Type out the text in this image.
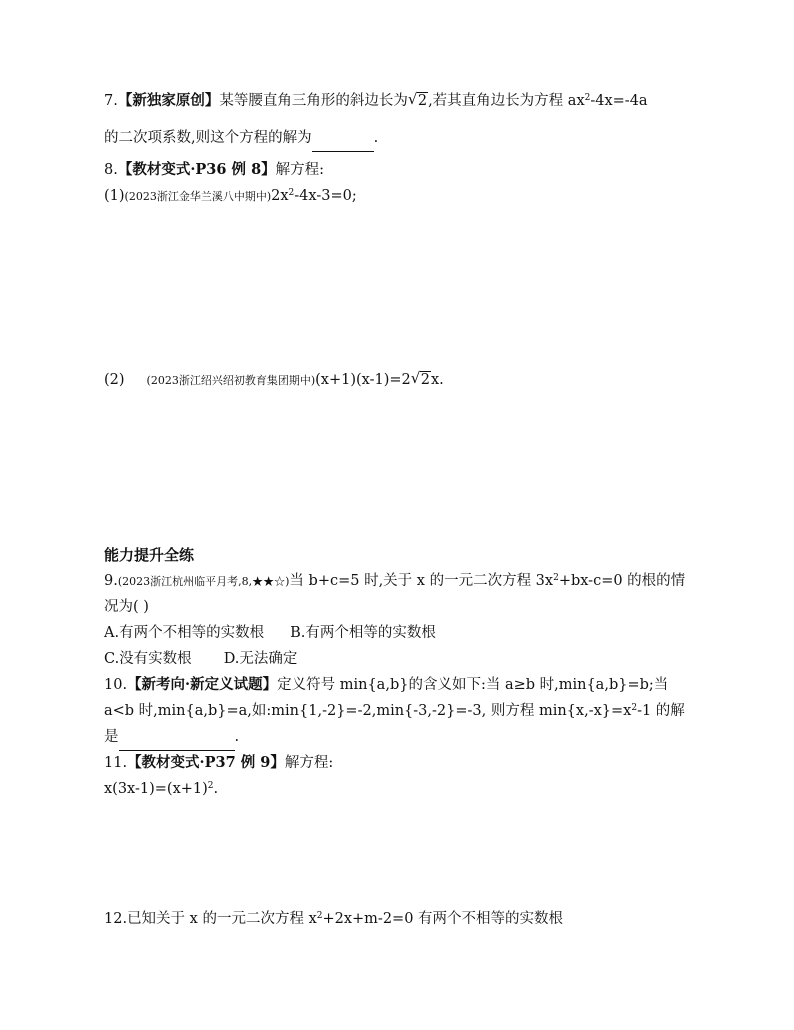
7.【新独家原创】某等腰直角三角形的斜边长为 √ 2,若其直角边长为方程 $ax^2-4x=-4a$
的二次项系数,则这个方程的解为	.
8.【教材变式·P36 例 8】解方程:
(1)(2023浙江金华兰溪八中期中)$2x^2-4x-3=0$;
(2) (2023浙江绍兴绍初教育集团期中)(x+1)(x-1)=2 √ 2x.
能力提升全练
9.(2023浙江杭州临平月考,8,★★☆)当 b+c=5 时,关于 x 的一元二次方程 $3x^2+bx-c=0$ 的根的情
况为( )
A.有两个不相等的实数根 B.有两个相等的实数根
C.没有实数根 D.无法确定
10.【新考向·新定义试题】定义符号 min{a,b}的含义如下:当 a≥b 时,min{a,b}=b;当
a<b 时,min{a,b}=a,如:min{1,-2}=-2,min{-3,-2}=-3, 则方程 $\min\{x,-x\}=x^2-1$ 的解
是	.
11.【教材变式·P37 例 9】解方程:
$x(3x-1)=(x+1)^2$.
12.已知关于 x 的一元二次方程 $x^2+2x+m-2=0$ 有两个不相等的实数根
